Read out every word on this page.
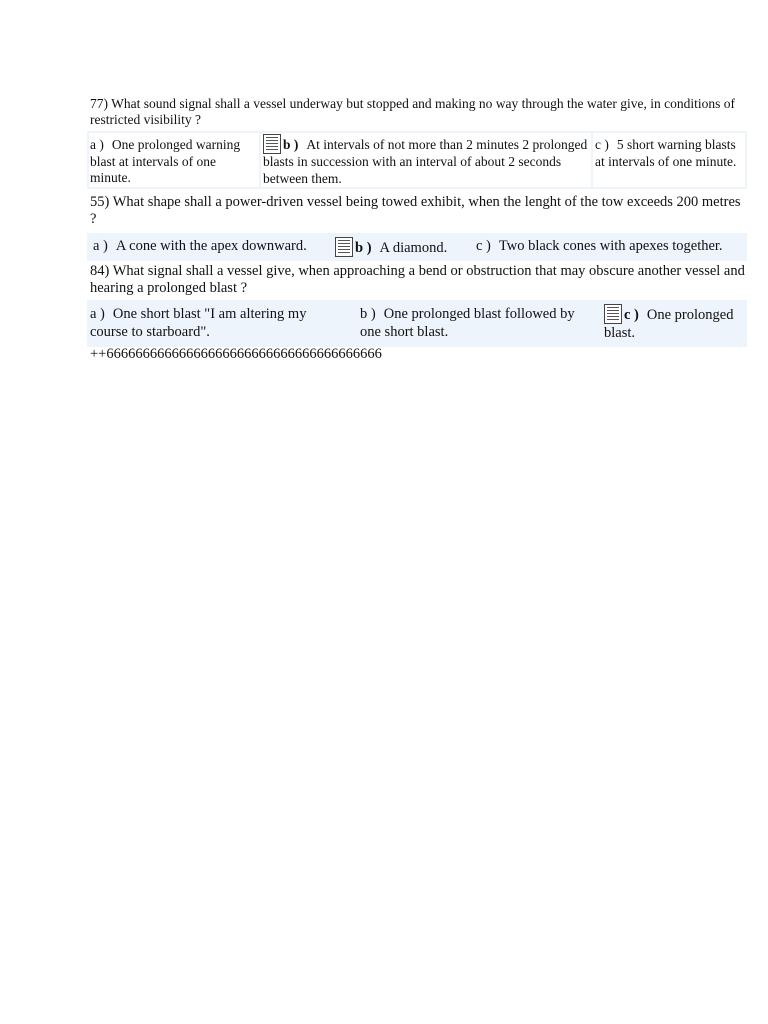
77) What sound signal shall a vessel underway but stopped and making no way through the water give, in conditions of restricted visibility ?
a ) One prolonged warning blast at intervals of one minute.
b ) At intervals of not more than 2 minutes 2 prolonged blasts in succession with an interval of about 2 seconds between them.
c ) 5 short warning blasts at intervals of one minute.
55) What shape shall a power-driven vessel being towed exhibit, when the lenght of the tow exceeds 200 metres ?
a ) A cone with the apex downward.	b ) A diamond.	c ) Two black cones with apexes together.
84) What signal shall a vessel give, when approaching a bend or obstruction that may obscure another vessel and hearing a prolonged blast ?
a ) One short blast "I am altering my course to starboard".
b ) One prolonged blast followed by one short blast.
c ) One prolonged blast.
++66666666666666666666666666666666666666
